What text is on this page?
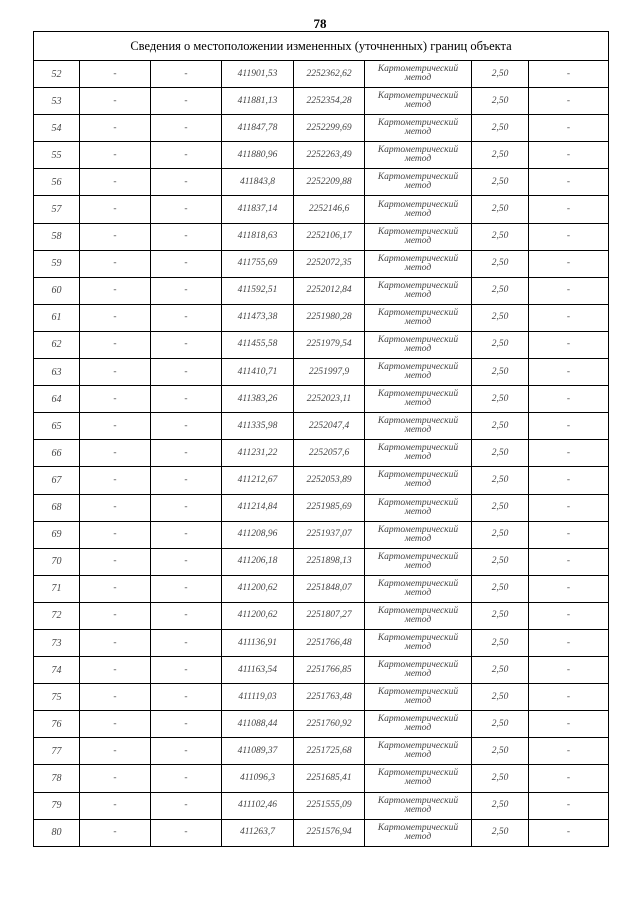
78
Сведения о местоположении измененных (уточненных) границ объекта							
52	-	-	411901,53	2252362,62	Картометрический метод	2,50	-
53	-	-	411881,13	2252354,28	Картометрический метод	2,50	-
54	-	-	411847,78	2252299,69	Картометрический метод	2,50	-
55	-	-	411880,96	2252263,49	Картометрический метод	2,50	-
56	-	-	411843,8	2252209,88	Картометрический метод	2,50	-
57	-	-	411837,14	2252146,6	Картометрический метод	2,50	-
58	-	-	411818,63	2252106,17	Картометрический метод	2,50	-
59	-	-	411755,69	2252072,35	Картометрический метод	2,50	-
60	-	-	411592,51	2252012,84	Картометрический метод	2,50	-
61	-	-	411473,38	2251980,28	Картометрический метод	2,50	-
62	-	-	411455,58	2251979,54	Картометрический метод	2,50	-
63	-	-	411410,71	2251997,9	Картометрический метод	2,50	-
64	-	-	411383,26	2252023,11	Картометрический метод	2,50	-
65	-	-	411335,98	2252047,4	Картометрический метод	2,50	-
66	-	-	411231,22	2252057,6	Картометрический метод	2,50	-
67	-	-	411212,67	2252053,89	Картометрический метод	2,50	-
68	-	-	411214,84	2251985,69	Картометрический метод	2,50	-
69	-	-	411208,96	2251937,07	Картометрический метод	2,50	-
70	-	-	411206,18	2251898,13	Картометрический метод	2,50	-
71	-	-	411200,62	2251848,07	Картометрический метод	2,50	-
72	-	-	411200,62	2251807,27	Картометрический метод	2,50	-
73	-	-	411136,91	2251766,48	Картометрический метод	2,50	-
74	-	-	411163,54	2251766,85	Картометрический метод	2,50	-
75	-	-	411119,03	2251763,48	Картометрический метод	2,50	-
76	-	-	411088,44	2251760,92	Картометрический метод	2,50	-
77	-	-	411089,37	2251725,68	Картометрический метод	2,50	-
78	-	-	411096,3	2251685,41	Картометрический метод	2,50	-
79	-	-	411102,46	2251555,09	Картометрический метод	2,50	-
80	-	-	411263,7	2251576,94	Картометрический метод	2,50	-
